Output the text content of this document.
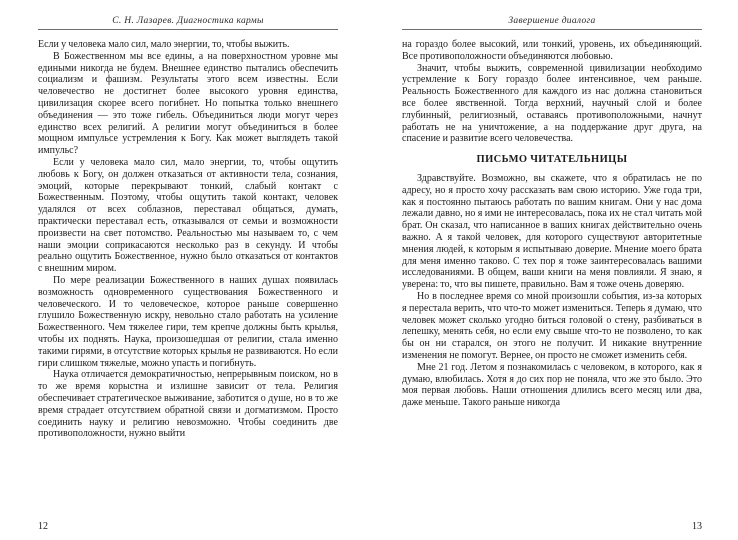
С. Н. Лазарев. Диагностика кармы

Если у человека мало сил, мало энергии, то, чтобы выжить.

В Божественном мы все едины, а на поверхностном уровне мы едиными никогда не будем. Внешнее единство пытались обеспечить социализм и фашизм. Результаты этого всем известны. Если человечество не достигнет более высокого уровня единства, цивилизация скорее всего погибнет. Но попытка только внешнего объединения — это тоже гибель. Объединиться люди могут через единство всех религий. А религии могут объединиться в более мощном импульсе устремления к Богу. Как может выглядеть такой импульс?

Если у человека мало сил, мало энергии, то, чтобы ощутить любовь к Богу, он должен отказаться от активности тела, сознания, эмоций, которые перекрывают тонкий, слабый контакт с Божественным. Поэтому, чтобы ощутить такой контакт, человек удалялся от всех соблазнов, переставал общаться, думать, практически переставал есть, отказывался от семьи и возможности произвести на свет потомство. Реальностью мы называем то, с чем наши эмоции соприкасаются несколько раз в секунду. И чтобы реально ощутить Божественное, нужно было отказаться от контактов с внешним миром.

По мере реализации Божественного в наших душах появилась возможность одновременного существования Божественного и человеческого. И то человеческое, которое раньше совершенно глушило Божественную искру, невольно стало работать на усиление Божественного. Чем тяжелее гири, тем крепче должны быть крылья, чтобы их поднять. Наука, произошедшая от религии, стала именно такими гирями, в отсутствие которых крылья не развиваются. Но если гири слишком тяжелые, можно упасть и погибнуть.

Наука отличается демократичностью, непрерывным поиском, но в то же время корыстна и излишне зависит от тела. Религия обеспечивает стратегическое выживание, заботится о душе, но в то же время страдает отсутствием обратной связи и догматизмом. Просто соединить науку и религию невозможно. Чтобы соединить две противоположности, нужно выйти

12
Завершение диалога

на гораздо более высокий, или тонкий, уровень, их объединяющий. Все противоположности объединяются любовью.

Значит, чтобы выжить, современной цивилизации необходимо устремление к Богу гораздо более интенсивное, чем раньше. Реальность Божественного для каждого из нас должна становиться все более явственной. Тогда верхний, научный слой и более глубинный, религиозный, оставаясь противоположными, начнут работать не на уничтожение, а на поддержание друг друга, на спасение и развитие всего человечества.

ПИСЬМО ЧИТАТЕЛЬНИЦЫ

Здравствуйте. Возможно, вы скажете, что я обратилась не по адресу, но я просто хочу рассказать вам свою историю. Уже года три, как я постоянно пытаюсь работать по вашим книгам. Они у нас дома лежали давно, но я ими не интересовалась, пока их не стал читать мой брат. Он сказал, что написанное в ваших книгах действительно очень важно. А я такой человек, для которого существуют авторитетные мнения людей, к которым я испытываю доверие. Мнение моего брата для меня именно таково. С тех пор я тоже заинтересовалась вашими исследованиями. В общем, ваши книги на меня повлияли. Я знаю, я уверена: то, что вы пишете, правильно. Вам я тоже очень доверяю.

Но в последнее время со мной произошли события, из-за которых я перестала верить, что что-то может измениться. Теперь я думаю, что человек может сколько угодно биться головой о стену, разбиваться в лепешку, менять себя, но если ему свыше что-то не позволено, то как бы он ни старался, он этого не получит. И никакие внутренние изменения не помогут. Вернее, он просто не сможет изменить себя.

Мне 21 год. Летом я познакомилась с человеком, в которого, как я думаю, влюбилась. Хотя я до сих пор не поняла, что же это было. Это моя первая любовь. Наши отношения длились всего месяц или два, даже меньше. Такого раньше никогда

13
